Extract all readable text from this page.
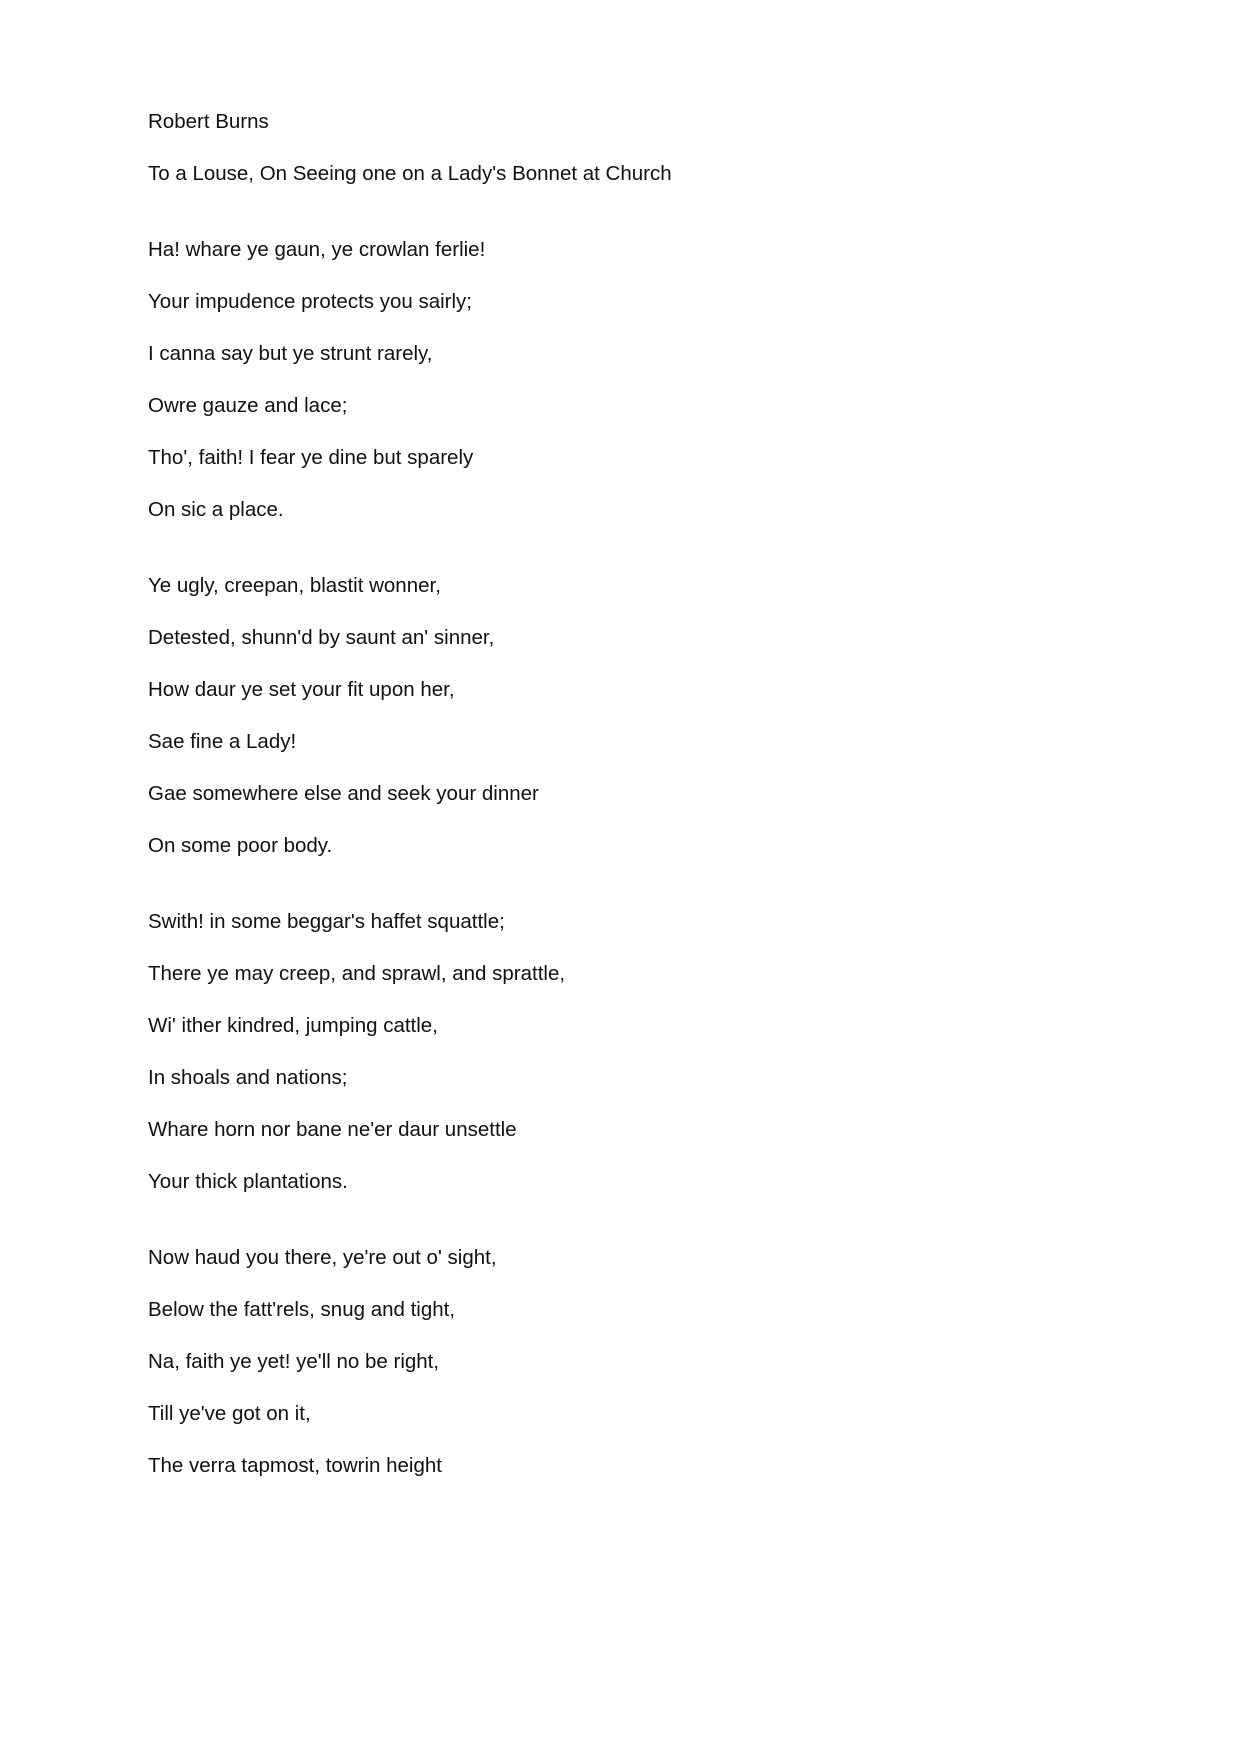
Robert Burns
To a Louse, On Seeing one on a Lady's Bonnet at Church
Ha! whare ye gaun, ye crowlan ferlie!
Your impudence protects you sairly;
I canna say but ye strunt rarely,
Owre gauze and lace;
Tho', faith! I fear ye dine but sparely
On sic a place.
Ye ugly, creepan, blastit wonner,
Detested, shunn'd by saunt an' sinner,
How daur ye set your fit upon her,
Sae fine a Lady!
Gae somewhere else and seek your dinner
On some poor body.
Swith! in some beggar's haffet squattle;
There ye may creep, and sprawl, and sprattle,
Wi' ither kindred, jumping cattle,
In shoals and nations;
Whare horn nor bane ne'er daur unsettle
Your thick plantations.
Now haud you there, ye're out o' sight,
Below the fatt'rels, snug and tight,
Na, faith ye yet! ye'll no be right,
Till ye've got on it,
The verra tapmost, towrin height
